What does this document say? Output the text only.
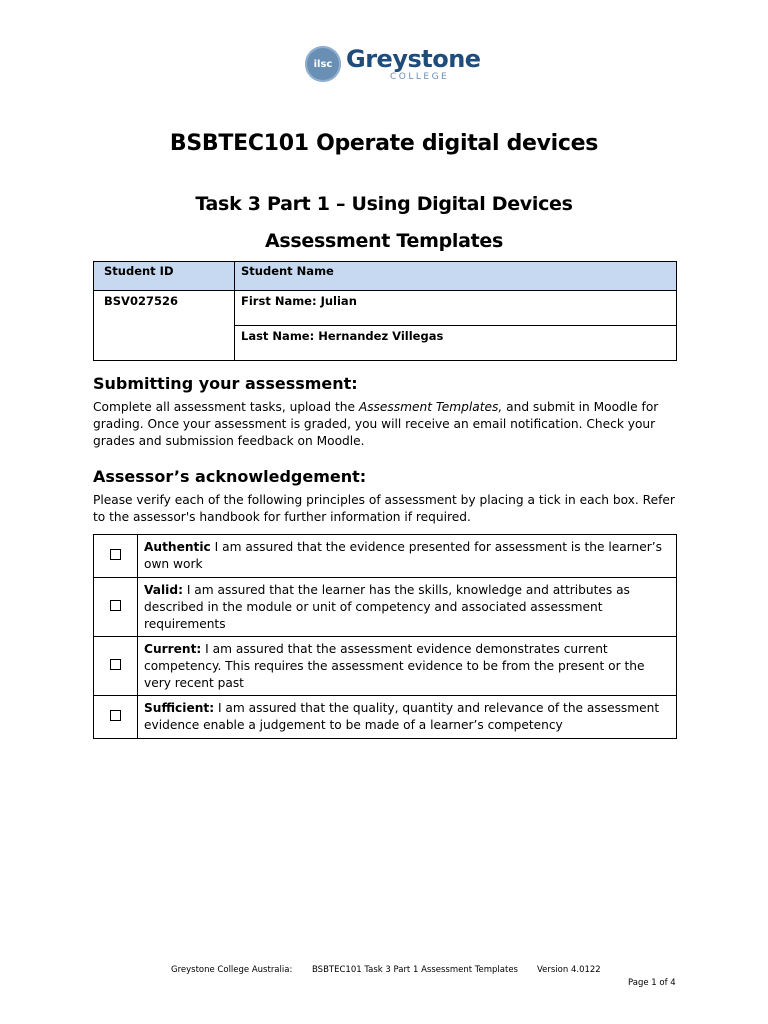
ilsc Greystone
COLLEGE
BSBTEC101 Operate digital devices
Task 3 Part 1 – Using Digital Devices
Assessment Templates
Student ID	Student Name
BSV027526	First Name: Julian
	Last Name: Hernandez Villegas
Submitting your assessment:
Complete all assessment tasks, upload the Assessment Templates, and submit in Moodle for grading. Once your assessment is graded, you will receive an email notification. Check your grades and submission feedback on Moodle.
Assessor’s acknowledgement:
Please verify each of the following principles of assessment by placing a tick in each box. Refer to the assessor's handbook for further information if required.
	Authentic I am assured that the evidence presented for assessment is the learner’s own work
	Valid: I am assured that the learner has the skills, knowledge and attributes as described in the module or unit of competency and associated assessment requirements
	Current: I am assured that the assessment evidence demonstrates current competency. This requires the assessment evidence to be from the present or the very recent past
	Sufficient: I am assured that the quality, quantity and relevance of the assessment evidence enable a judgement to be made of a learner’s competency
Greystone College Australia: BSBTEC101 Task 3 Part 1 Assessment Templates Version 4.0122
Page 1 of 4
